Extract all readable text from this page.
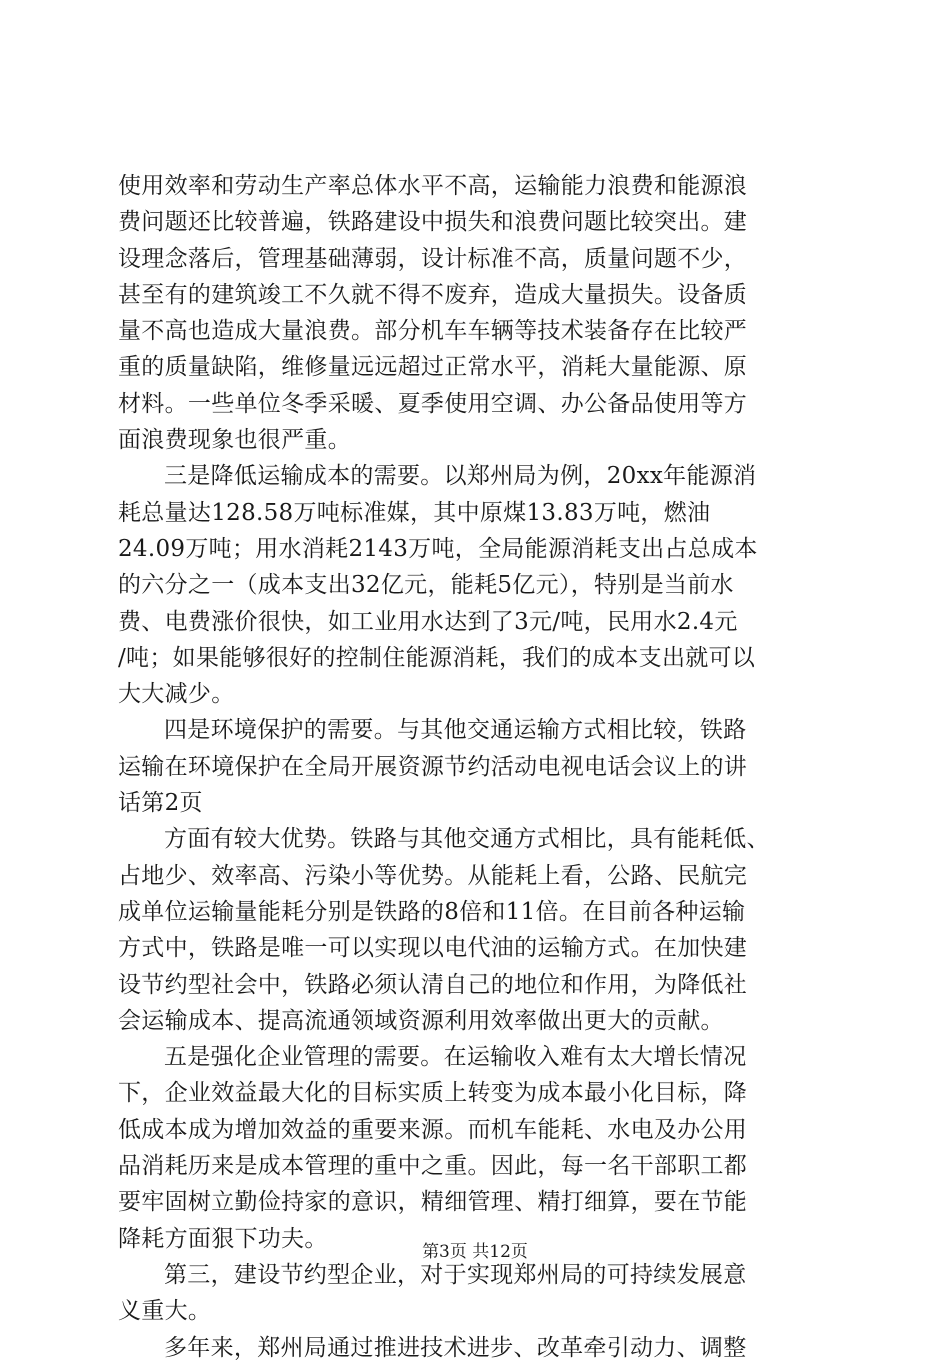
使用效率和劳动生产率总体水平不高，运输能力浪费和能源浪
费问题还比较普遍，铁路建设中损失和浪费问题比较突出。建
设理念落后，管理基础薄弱，设计标准不高，质量问题不少，
甚至有的建筑竣工不久就不得不废弃，造成大量损失。设备质
量不高也造成大量浪费。部分机车车辆等技术装备存在比较严
重的质量缺陷，维修量远远超过正常水平，消耗大量能源、原
材料。一些单位冬季采暖、夏季使用空调、办公备品使用等方
面浪费现象也很严重。
三是降低运输成本的需要。以郑州局为例，20xx年能源消
耗总量达128.58万吨标准媒，其中原煤13.83万吨，燃油
24.09万吨；用水消耗2143万吨，全局能源消耗支出占总成本
的六分之一（成本支出32亿元，能耗5亿元），特别是当前水
费、电费涨价很快，如工业用水达到了3元/吨，民用水2.4元
/吨；如果能够很好的控制住能源消耗，我们的成本支出就可以
大大减少。
四是环境保护的需要。与其他交通运输方式相比较，铁路
运输在环境保护在全局开展资源节约活动电视电话会议上的讲
话第2页
方面有较大优势。铁路与其他交通方式相比，具有能耗低、
占地少、效率高、污染小等优势。从能耗上看，公路、民航完
成单位运输量能耗分别是铁路的8倍和11倍。在目前各种运输
方式中，铁路是唯一可以实现以电代油的运输方式。在加快建
设节约型社会中，铁路必须认清自己的地位和作用，为降低社
会运输成本、提高流通领域资源利用效率做出更大的贡献。
五是强化企业管理的需要。在运输收入难有太大增长情况
下，企业效益最大化的目标实质上转变为成本最小化目标，降
低成本成为增加效益的重要来源。而机车能耗、水电及办公用
品消耗历来是成本管理的重中之重。因此，每一名干部职工都
要牢固树立勤俭持家的意识，精细管理、精打细算，要在节能
降耗方面狠下功夫。
第三，建设节约型企业，对于实现郑州局的可持续发展意
义重大。
多年来，郑州局通过推进技术进步、改革牵引动力、调整
第3页 共12页
